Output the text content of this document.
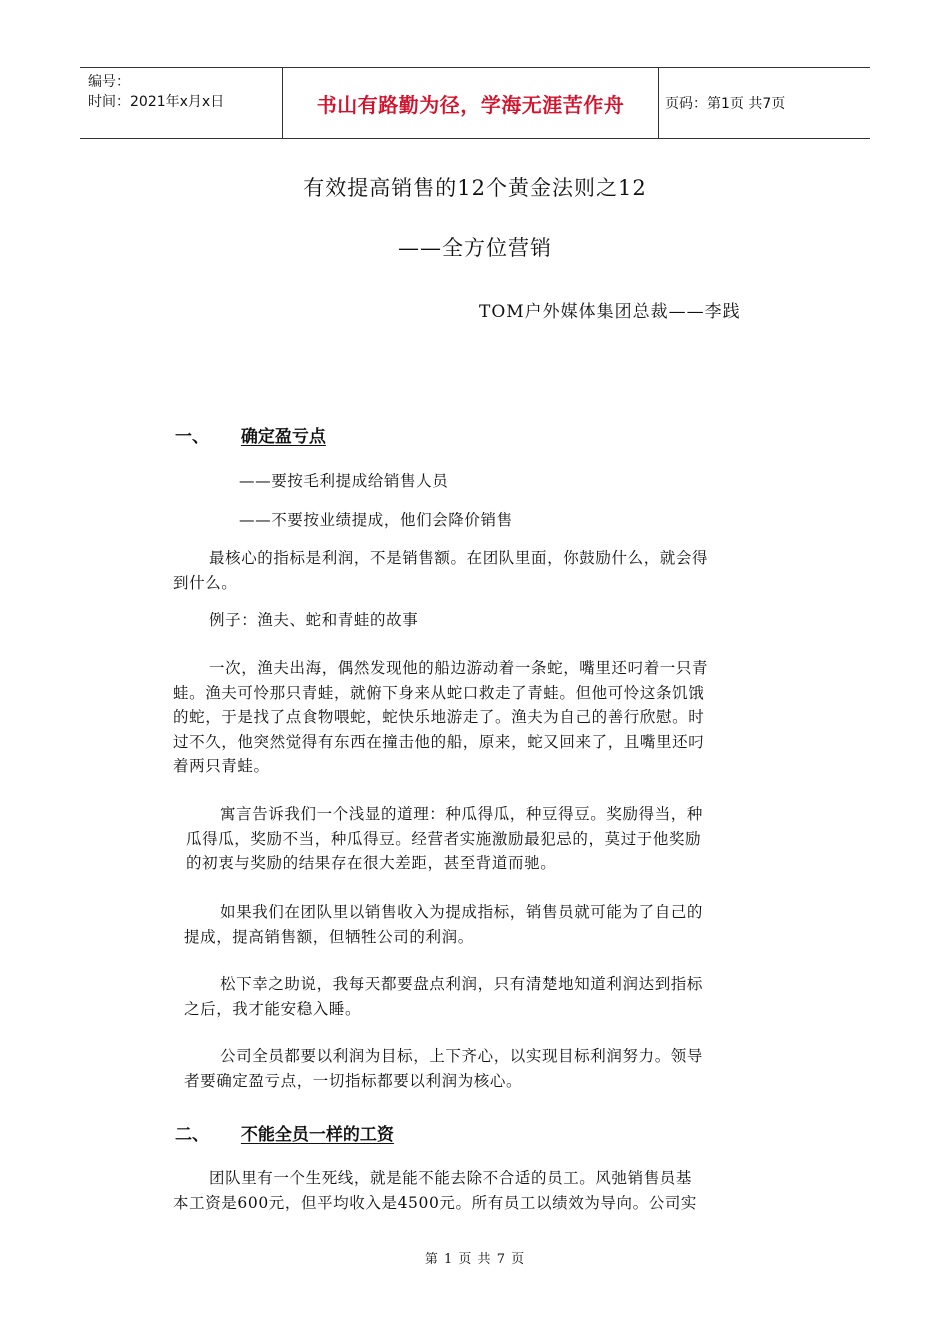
编号：
时间：2021年x月x日	书山有路勤为径，学海无涯苦作舟	页码：第1页 共7页
有效提高销售的12个黄金法则之12
——全方位营销
TOM户外媒体集团总裁——李践
一、 确定盈亏点
——要按毛利提成给销售人员
——不要按业绩提成，他们会降价销售
最核心的指标是利润，不是销售额。在团队里面，你鼓励什么，就会得
到什么。
例子：渔夫、蛇和青蛙的故事
一次，渔夫出海，偶然发现他的船边游动着一条蛇，嘴里还叼着一只青
蛙。渔夫可怜那只青蛙，就俯下身来从蛇口救走了青蛙。但他可怜这条饥饿
的蛇，于是找了点食物喂蛇，蛇快乐地游走了。渔夫为自己的善行欣慰。时
过不久，他突然觉得有东西在撞击他的船，原来，蛇又回来了，且嘴里还叼
着两只青蛙。
寓言告诉我们一个浅显的道理：种瓜得瓜，种豆得豆。奖励得当，种
瓜得瓜，奖励不当，种瓜得豆。经营者实施激励最犯忌的，莫过于他奖励
的初衷与奖励的结果存在很大差距，甚至背道而驰。
如果我们在团队里以销售收入为提成指标，销售员就可能为了自己的
提成，提高销售额，但牺牲公司的利润。
松下幸之助说，我每天都要盘点利润，只有清楚地知道利润达到指标
之后，我才能安稳入睡。
公司全员都要以利润为目标，上下齐心，以实现目标利润努力。领导
者要确定盈亏点，一切指标都要以利润为核心。
二、 不能全员一样的工资
团队里有一个生死线，就是能不能去除不合适的员工。风弛销售员基
本工资是600元，但平均收入是4500元。所有员工以绩效为导向。公司实
第 1 页 共 7 页
